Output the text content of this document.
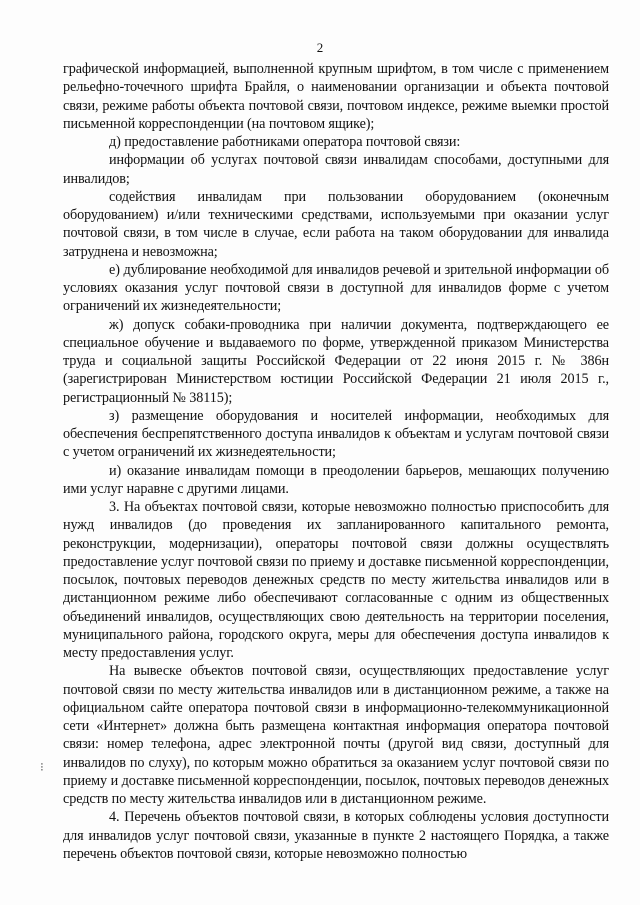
2

⁝

графической информацией, выполненной крупным шрифтом, в том числе с применением рельефно-точечного шрифта Брайля, о наименовании организации и объекта почтовой связи, режиме работы объекта почтовой связи, почтовом индексе, режиме выемки простой письменной корреспонденции (на почтовом ящике);

д) предоставление работниками оператора почтовой связи:

информации об услугах почтовой связи инвалидам способами, доступными для инвалидов;

содействия инвалидам при пользовании оборудованием (оконечным оборудованием) и/или техническими средствами, используемыми при оказании услуг почтовой связи, в том числе в случае, если работа на таком оборудовании для инвалида затруднена и невозможна;

е) дублирование необходимой для инвалидов речевой и зрительной информации об условиях оказания услуг почтовой связи в доступной для инвалидов форме с учетом ограничений их жизнедеятельности;

ж) допуск собаки-проводника при наличии документа, подтверждающего ее специальное обучение и выдаваемого по форме, утвержденной приказом Министерства труда и социальной защиты Российской Федерации от 22 июня 2015 г. № 386н (зарегистрирован Министерством юстиции Российской Федерации 21 июля 2015 г., регистрационный № 38115);

з) размещение оборудования и носителей информации, необходимых для обеспечения беспрепятственного доступа инвалидов к объектам и услугам почтовой связи с учетом ограничений их жизнедеятельности;

и) оказание инвалидам помощи в преодолении барьеров, мешающих получению ими услуг наравне с другими лицами.

3. На объектах почтовой связи, которые невозможно полностью приспособить для нужд инвалидов (до проведения их запланированного капитального ремонта, реконструкции, модернизации), операторы почтовой связи должны осуществлять предоставление услуг почтовой связи по приему и доставке письменной корреспонденции, посылок, почтовых переводов денежных средств по месту жительства инвалидов или в дистанционном режиме либо обеспечивают согласованные с одним из общественных объединений инвалидов, осуществляющих свою деятельность на территории поселения, муниципального района, городского округа, меры для обеспечения доступа инвалидов к месту предоставления услуг.

На вывеске объектов почтовой связи, осуществляющих предоставление услуг почтовой связи по месту жительства инвалидов или в дистанционном режиме, а также на официальном сайте оператора почтовой связи в информационно-телекоммуникационной сети «Интернет» должна быть размещена контактная информация оператора почтовой связи: номер телефона, адрес электронной почты (другой вид связи, доступный для инвалидов по слуху), по которым можно обратиться за оказанием услуг почтовой связи по приему и доставке письменной корреспонденции, посылок, почтовых переводов денежных средств по месту жительства инвалидов или в дистанционном режиме.

4. Перечень объектов почтовой связи, в которых соблюдены условия доступности для инвалидов услуг почтовой связи, указанные в пункте 2 настоящего Порядка, а также перечень объектов почтовой связи, которые невозможно полностью
